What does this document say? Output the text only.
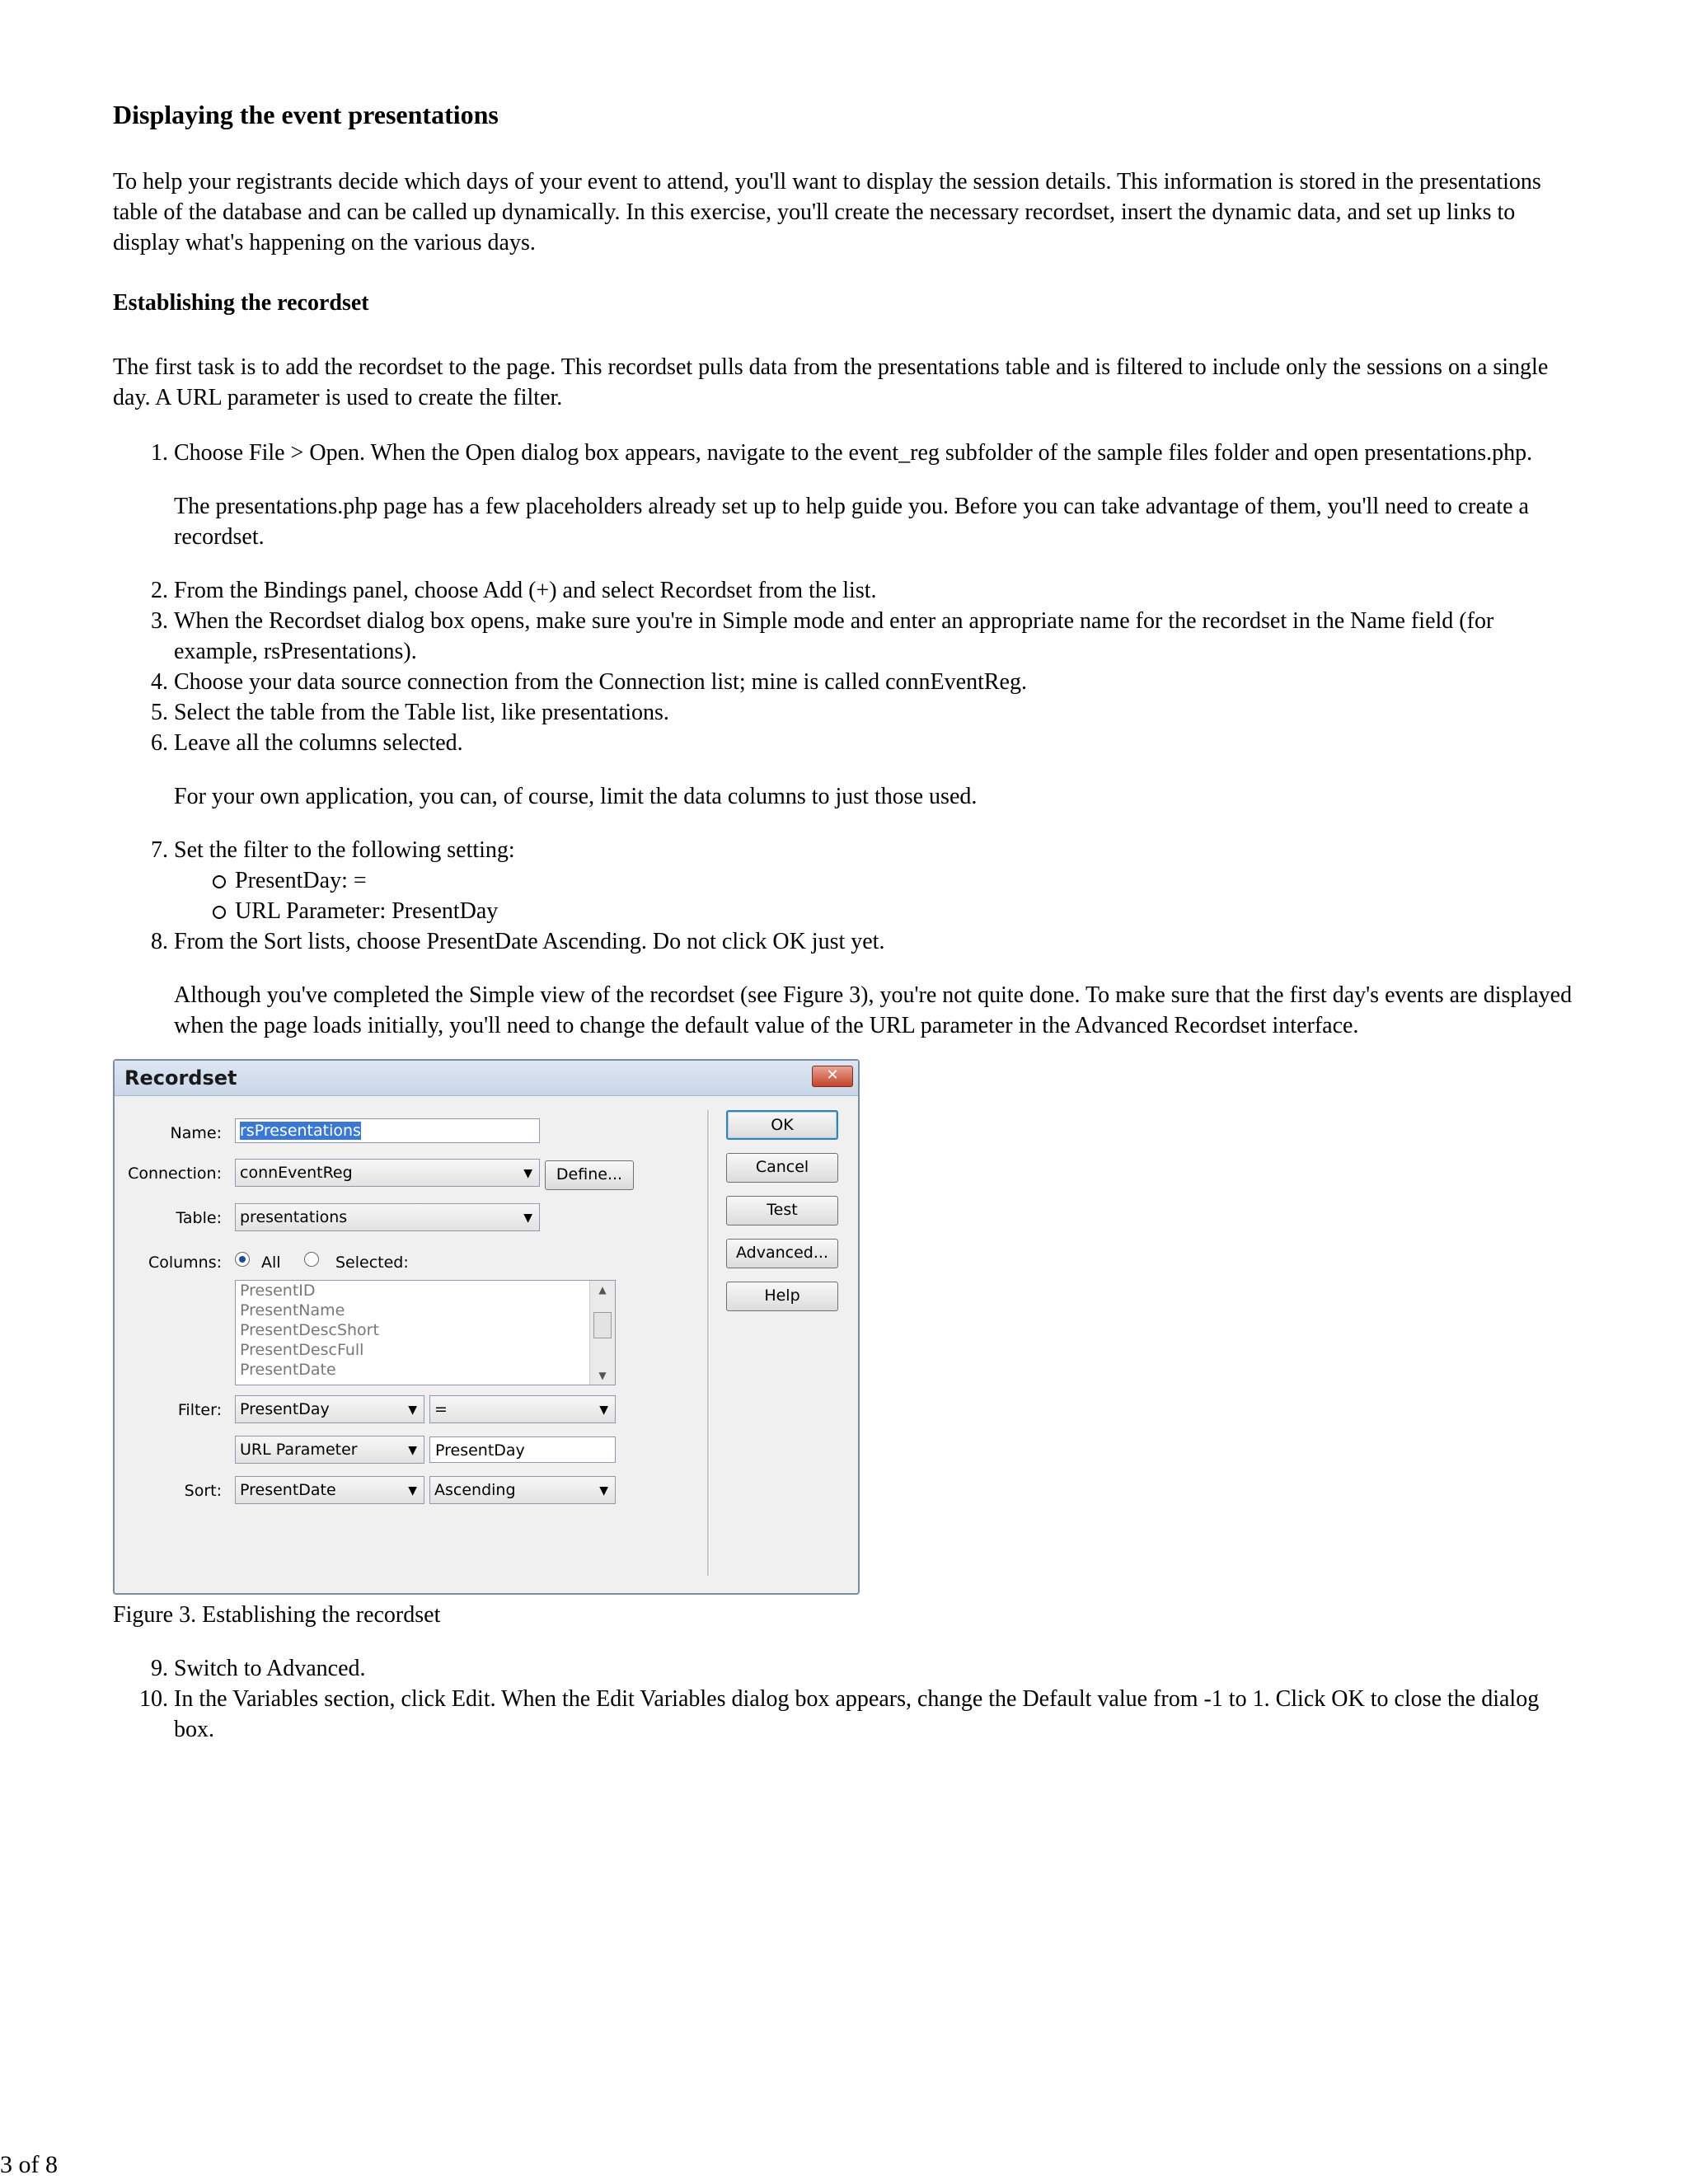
Displaying the event presentations

To help your registrants decide which days of your event to attend, you'll want to display the session details. This information is stored in the presentations table of the database and can be called up dynamically. In this exercise, you'll create the necessary recordset, insert the dynamic data, and set up links to display what's happening on the various days.

Establishing the recordset

The first task is to add the recordset to the page. This recordset pulls data from the presentations table and is filtered to include only the sessions on a single day. A URL parameter is used to create the filter.

1. Choose File > Open. When the Open dialog box appears, navigate to the event_reg subfolder of the sample files folder and open presentations.php.

The presentations.php page has a few placeholders already set up to help guide you. Before you can take advantage of them, you'll need to create a recordset.

2. From the Bindings panel, choose Add (+) and select Recordset from the list.
3. When the Recordset dialog box opens, make sure you're in Simple mode and enter an appropriate name for the recordset in the Name field (for example, rsPresentations).
4. Choose your data source connection from the Connection list; mine is called connEventReg.
5. Select the table from the Table list, like presentations.
6. Leave all the columns selected.

For your own application, you can, of course, limit the data columns to just those used.

7. Set the filter to the following setting:
PresentDay: =
URL Parameter: PresentDay
8. From the Sort lists, choose PresentDate Ascending. Do not click OK just yet.

Although you've completed the Simple view of the recordset (see Figure 3), you're not quite done. To make sure that the first day's events are displayed when the page loads initially, you'll need to change the default value of the URL parameter in the Advanced Recordset interface.

Recordset	✕
Name:	rsPresentations
Connection:	connEventReg	▼	Define...
Table:	presentations	▼
Columns:	All	Selected:
PresentID
PresentName
PresentDescShort
PresentDescFull
PresentDate
▲
▼
Filter:	PresentDay	▼	=	▼
URL Parameter	▼	PresentDay
Sort:	PresentDate	▼	Ascending	▼
OK
Cancel
Test
Advanced...
Help
Figure 3. Establishing the recordset
9. Switch to Advanced.
10. In the Variables section, click Edit. When the Edit Variables dialog box appears, change the Default value from -1 to 1. Click OK to close the dialog box.
3 of 8
